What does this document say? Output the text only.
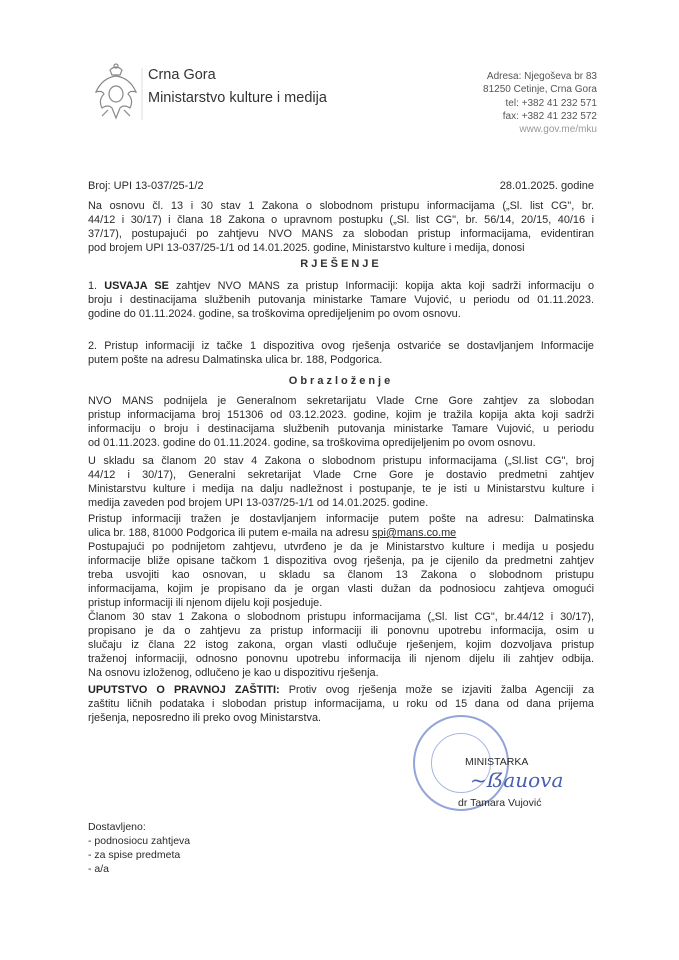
Crna Gora
Ministarstvo kulture i medija
Adresa: Njegoševa br 83
81250 Cetinje, Crna Gora
tel: +382 41 232 571
fax: +382 41 232 572
www.gov.me/mku
Broj: UPI 13-037/25-1/2	28.01.2025. godine
Na osnovu čl. 13 i 30 stav 1 Zakona o slobodnom pristupu informacijama („Sl. list CG", br.
44/12 i 30/17) i člana 18 Zakona o upravnom postupku („Sl. list CG", br. 56/14, 20/15, 40/16 i
37/17), postupajući po zahtjevu NVO MANS za slobodan pristup informacijama, evidentiran
pod brojem UPI 13-037/25-1/1 od 14.01.2025. godine, Ministarstvo kulture i medija, donosi
RJEŠENJE
1. USVAJA SE zahtjev NVO MANS za pristup Informaciji: kopija akta koji sadrži informaciju o
broju i destinacijama službenih putovanja ministarke Tamare Vujović, u periodu od 01.11.2023.
godine do 01.11.2024. godine, sa troškovima opredijeljenim po ovom osnovu.
2. Pristup informaciji iz tačke 1 dispozitiva ovog rješenja ostvariće se dostavljanjem Informacije
putem pošte na adresu Dalmatinska ulica br. 188, Podgorica.
Obrazloženje
NVO MANS podnijela je Generalnom sekretarijatu Vlade Crne Gore zahtjev za slobodan
pristup informacijama broj 151306 od 03.12.2023. godine, kojim je tražila kopija akta koji sadrži
informaciju o broju i destinacijama službenih putovanja ministarke Tamare Vujović, u periodu
od 01.11.2023. godine do 01.11.2024. godine, sa troškovima opredijeljenim po ovom osnovu.
U skladu sa članom 20 stav 4 Zakona o slobodnom pristupu informacijama („Sl.list CG", broj
44/12 i 30/17), Generalni sekretarijat Vlade Crne Gore je dostavio predmetni zahtjev
Ministarstvu kulture i medija na dalju nadležnost i postupanje, te je isti u Ministarstvu kulture i
medija zaveden pod brojem UPI 13-037/25-1/1 od 14.01.2025. godine.
Pristup informaciji tražen je dostavljanjem informacije putem pošte na adresu: Dalmatinska
ulica br. 188, 81000 Podgorica ili putem e-maila na adresu spi@mans.co.me
Postupajući po podnijetom zahtjevu, utvrđeno je da je Ministarstvo kulture i medija u posjedu
informacije bliže opisane tačkom 1 dispozitiva ovog rješenja, pa je cijenilo da predmetni zahtjev
treba usvojiti kao osnovan, u skladu sa članom 13 Zakona o slobodnom pristupu
informacijama, kojim je propisano da je organ vlasti dužan da podnosiocu zahtjeva omogući
pristup informaciji ili njenom dijelu koji posjeduje.
Članom 30 stav 1 Zakona o slobodnom pristupu informacijama („Sl. list CG", br.44/12 i 30/17),
propisano je da o zahtjevu za pristup informaciji ili ponovnu upotrebu informacija, osim u
slučaju iz člana 22 istog zakona, organ vlasti odlučuje rješenjem, kojim dozvoljava pristup
traženoj informaciji, odnosno ponovnu upotrebu informacija ili njenom dijelu ili zahtjev odbija.
Na osnovu izloženog, odlučeno je kao u dispozitivu rješenja.
UPUTSTVO O PRAVNOJ ZAŠTITI: Protiv ovog rješenja može se izjaviti žalba Agenciji za
zaštitu ličnih podataka i slobodan pristup informacijama, u roku od 15 dana od dana prijema
rješenja, neposredno ili preko ovog Ministarstva.
MINISTARKA
~ẞauova
dr Tamara Vujović
Dostavljeno:
- podnosiocu zahtjeva
- za spise predmeta
- a/a
